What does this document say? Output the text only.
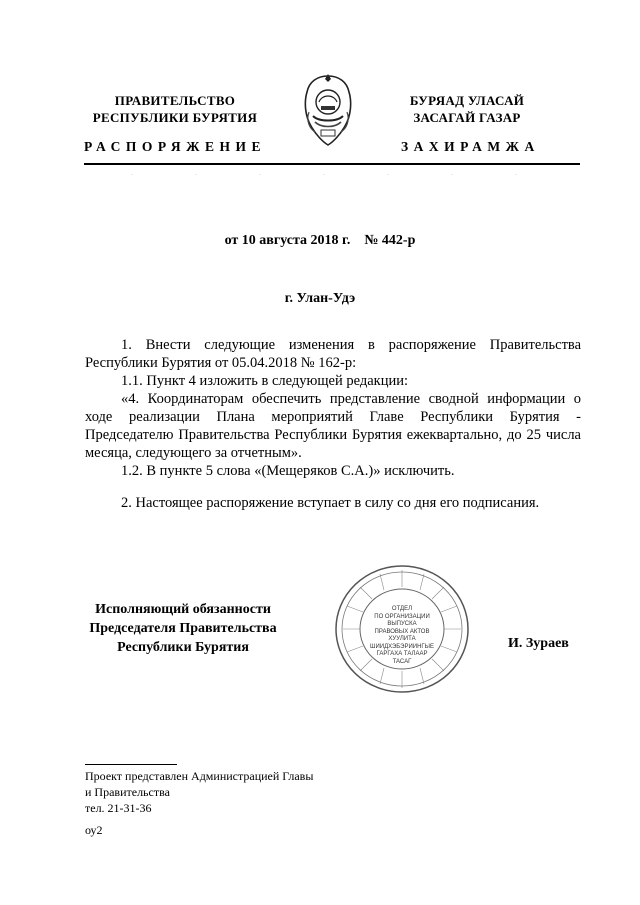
ПРАВИТЕЛЬСТВО
РЕСПУБЛИКИ БУРЯТИЯ
БУРЯАД УЛАСАЙ
ЗАСАГАЙ ГАЗАР
РАСПОРЯЖЕНИЕ	ЗАХИРАМЖА
от 10 августа 2018 г. № 442-р
г. Улан-Удэ

1. Внести следующие изменения в распоряжение Правительства Республики Бурятия от 05.04.2018 № 162-р:

1.1. Пункт 4 изложить в следующей редакции:

«4. Координаторам обеспечить представление сводной информации о ходе реализации Плана мероприятий Главе Республики Бурятия - Председателю Правительства Республики Бурятия ежеквартально, до 25 числа месяца, следующего за отчетным».

1.2. В пункте 5 слова «(Мещеряков С.А.)» исключить.

2. Настоящее распоряжение вступает в силу со дня его подписания.

Исполняющий обязанности
Председателя Правительства
Республики Бурятия
ОТДЕЛ
ПО ОРГАНИЗАЦИИ
ВЫПУСКА
ПРАВОВЫХ АКТОВ
ХУУЛИТА
ШИИДХЭБЭРИИНГЫЕ
ГАРГАХА ТАЛААР
ТАСАГ
И. Зураев
Проект представлен Администрацией Главы
и Правительства
тел. 21-31-36
оу2
